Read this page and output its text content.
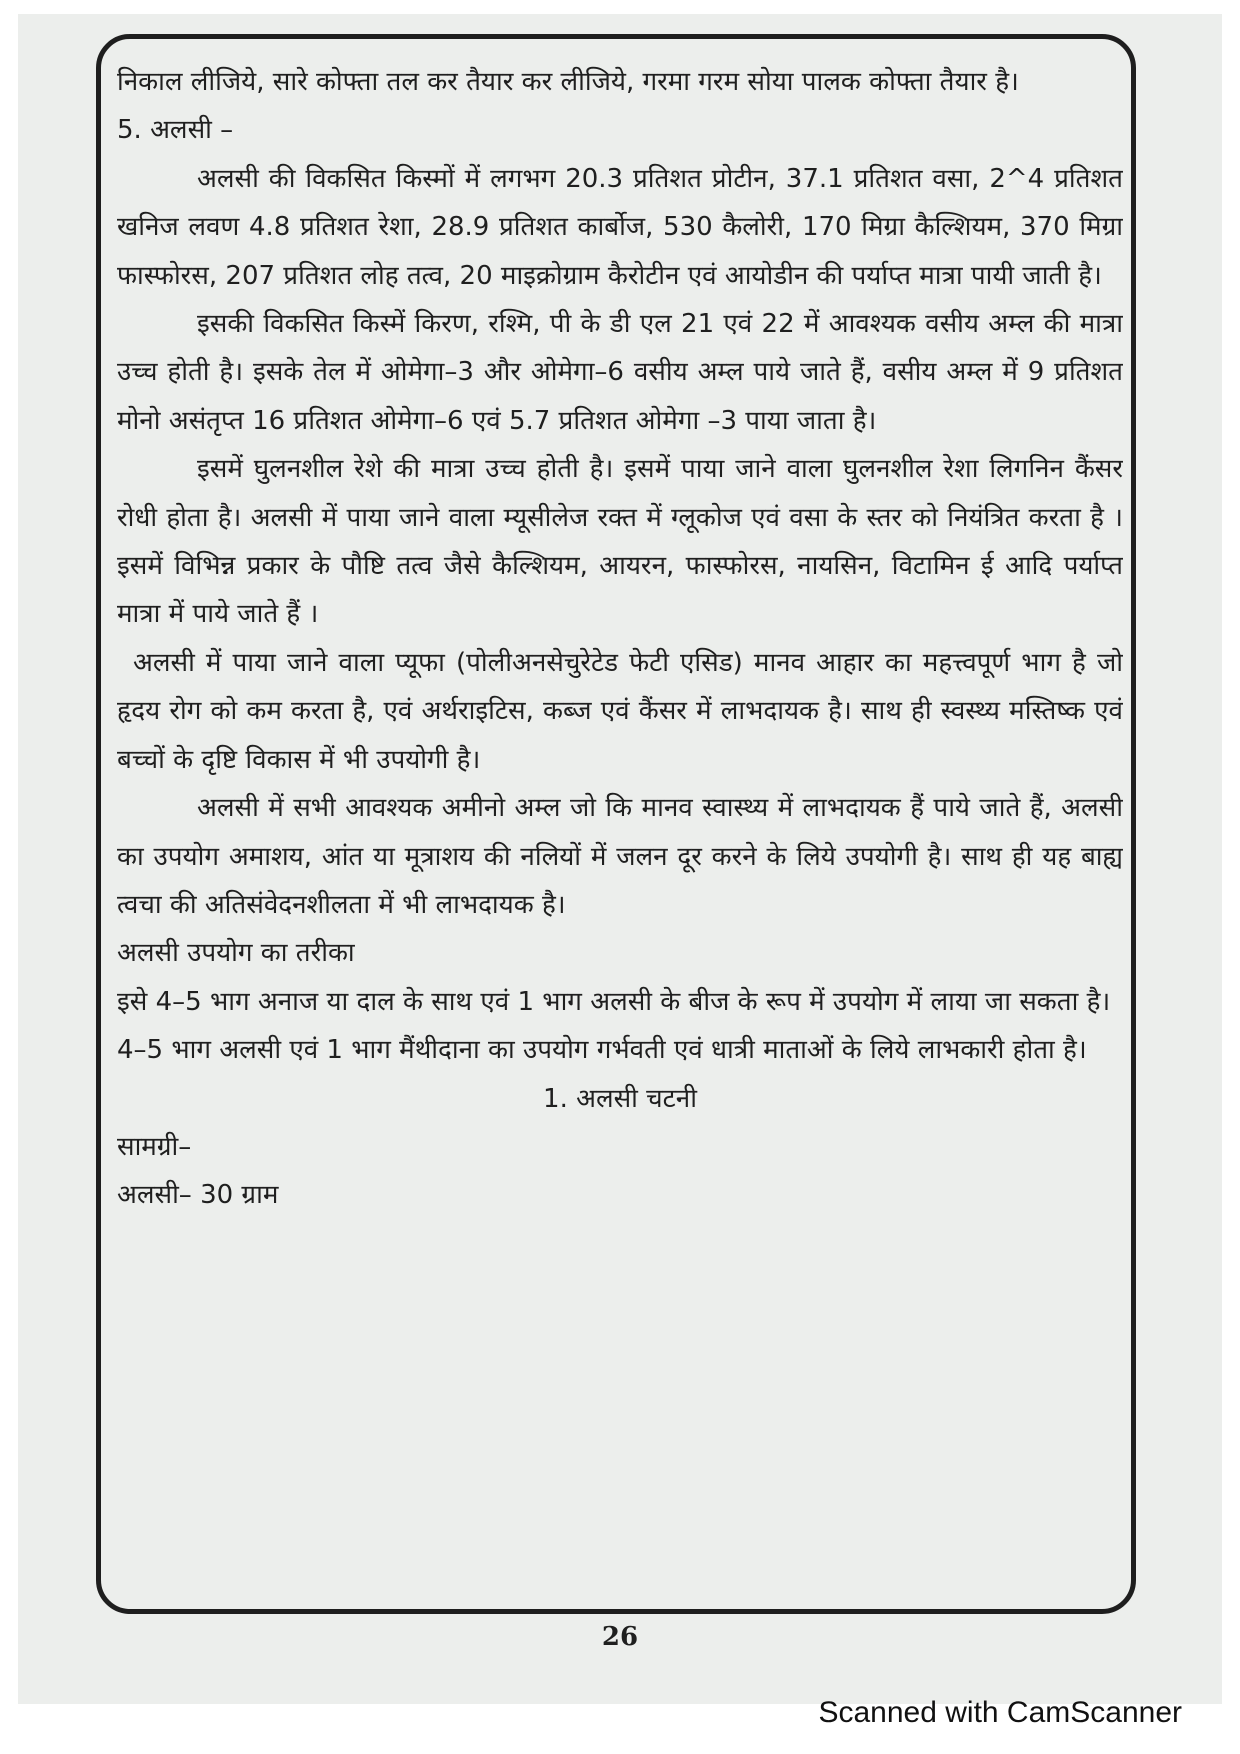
निकाल लीजिये, सारे कोफ्ता तल कर तैयार कर लीजिये, गरमा गरम सोया पालक कोफ्ता तैयार है।

5. अलसी –

अलसी की विकसित किस्मों में लगभग 20.3 प्रतिशत प्रोटीन, 37.1 प्रतिशत वसा, 2^4 प्रतिशत खनिज लवण 4.8 प्रतिशत रेशा, 28.9 प्रतिशत कार्बोज, 530 कैलोरी, 170 मिग्रा कैल्शियम, 370 मिग्रा फास्फोरस, 207 प्रतिशत लोह तत्व, 20 माइक्रोग्राम कैरोटीन एवं आयोडीन की पर्याप्त मात्रा पायी जाती है।

इसकी विकसित किस्में किरण, रश्मि, पी के डी एल 21 एवं 22 में आवश्यक वसीय अम्ल की मात्रा उच्च होती है। इसके तेल में ओमेगा–3 और ओमेगा–6 वसीय अम्ल पाये जाते हैं, वसीय अम्ल में 9 प्रतिशत मोनो असंतृप्त 16 प्रतिशत ओमेगा–6 एवं 5.7 प्रतिशत ओमेगा –3 पाया जाता है।

इसमें घुलनशील रेशे की मात्रा उच्च होती है। इसमें पाया जाने वाला घुलनशील रेशा लिगनिन कैंसर रोधी होता है। अलसी में पाया जाने वाला म्यूसीलेज रक्त में ग्लूकोज एवं वसा के स्तर को नियंत्रित करता है । इसमें विभिन्न प्रकार के पौष्टि तत्व जैसे कैल्शियम, आयरन, फास्फोरस, नायसिन, विटामिन ई आदि पर्याप्त मात्रा में पाये जाते हैं ।

अलसी में पाया जाने वाला प्यूफा (पोलीअनसेचुरेटेड फेटी एसिड) मानव आहार का महत्त्वपूर्ण भाग है जो हृदय रोग को कम करता है, एवं अर्थराइटिस, कब्ज एवं कैंसर में लाभदायक है। साथ ही स्वस्थ्य मस्तिष्क एवं बच्चों के दृष्टि विकास में भी उपयोगी है।

अलसी में सभी आवश्यक अमीनो अम्ल जो कि मानव स्वास्थ्य में लाभदायक हैं पाये जाते हैं, अलसी का उपयोग अमाशय, आंत या मूत्राशय की नलियों में जलन दूर करने के लिये उपयोगी है। साथ ही यह बाह्य त्वचा की अतिसंवेदनशीलता में भी लाभदायक है।

अलसी उपयोग का तरीका

इसे 4–5 भाग अनाज या दाल के साथ एवं 1 भाग अलसी के बीज के रूप में उपयोग में लाया जा सकता है।

4–5 भाग अलसी एवं 1 भाग मैंथीदाना का उपयोग गर्भवती एवं धात्री माताओं के लिये लाभकारी होता है।

1. अलसी चटनी

सामग्री–

अलसी– 30 ग्राम

26
Scanned with CamScanner
